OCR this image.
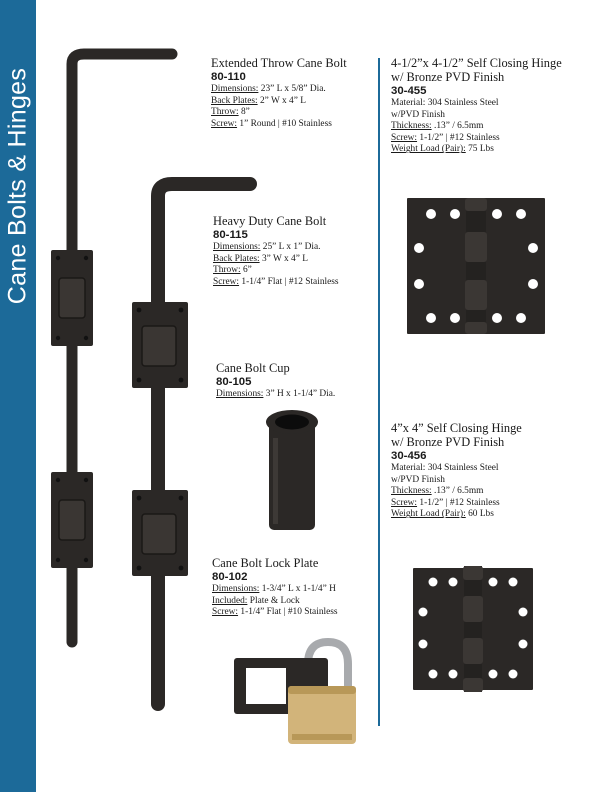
Cane Bolts & Hinges
Extended Throw Cane Bolt
80-110
Dimensions: 23” L x 5/8” Dia.
Back Plates: 2” W x 4” L
Throw: 8”
Screw: 1” Round | #10 Stainless
Heavy Duty Cane Bolt
80-115
Dimensions: 25” L x 1” Dia.
Back Plates: 3” W x 4” L
Throw: 6”
Screw: 1-1/4” Flat | #12 Stainless
Cane Bolt Cup
80-105
Dimensions: 3” H x 1-1/4” Dia.
Cane Bolt Lock Plate
80-102
Dimensions: 1-3/4” L x 1-1/4” H
Included: Plate & Lock
Screw: 1-1/4” Flat | #10 Stainless
4-1/2”x 4-1/2” Self Closing Hinge
w/ Bronze PVD Finish
30-455
Material: 304 Stainless Steel
w/PVD Finish
Thickness: .13” / 6.5mm
Screw: 1-1/2” | #12 Stainless
Weight Load (Pair): 75 Lbs
4”x 4” Self Closing Hinge
w/ Bronze PVD Finish
30-456
Material: 304 Stainless Steel
w/PVD Finish
Thickness: .13” / 6.5mm
Screw: 1-1/2” | #12 Stainless
Weight Load (Pair): 60 Lbs
